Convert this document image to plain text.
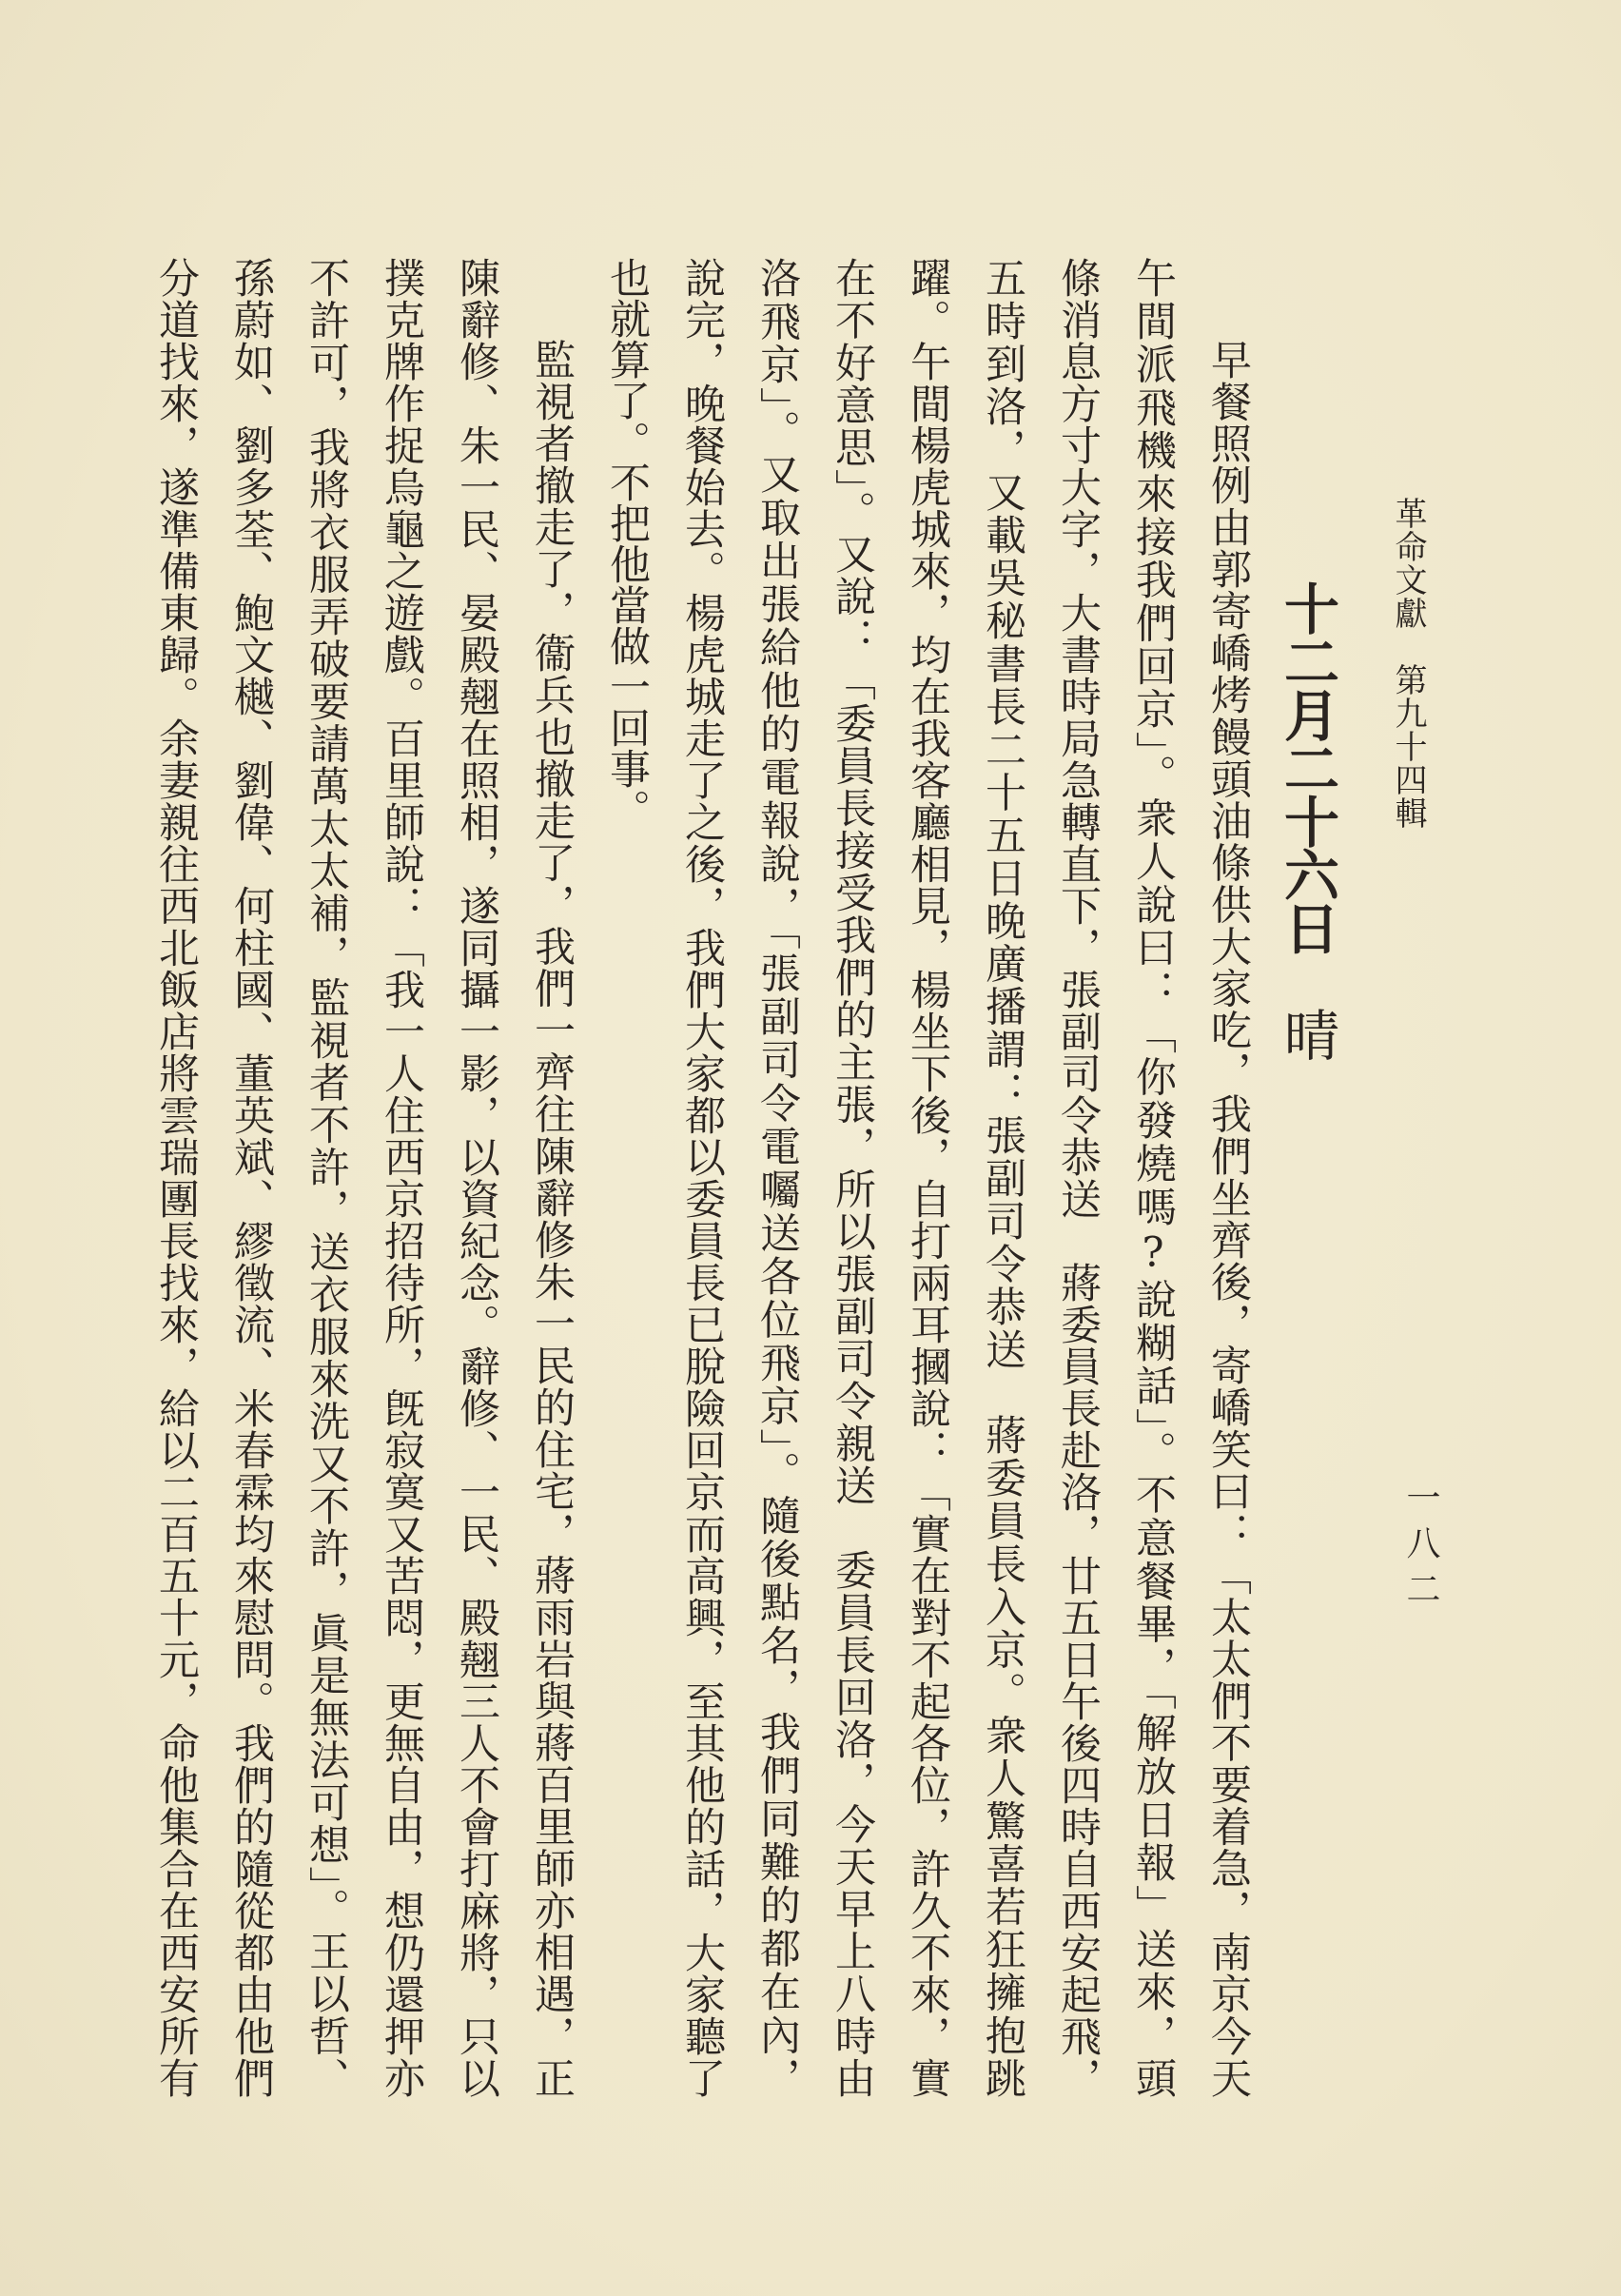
革命文獻　第九十四輯
一八二
十二月二十六日
晴
早餐照例由郭寄嶠烤饅頭油條供大家吃，我們坐齊後，寄嶠笑曰：「太太們不要着急，南京今天
午間派飛機來接我們回京」。衆人說曰：「你發燒嗎?說糊話」。不意餐畢，「解放日報」送來，頭
條消息方寸大字，大書時局急轉直下，張副司令恭送　蔣委員長赴洛，廿五日午後四時自西安起飛，
五時到洛，又載吳秘書長二十五日晚廣播謂：張副司令恭送　蔣委員長入京。衆人驚喜若狂擁抱跳
躍。午間楊虎城來，均在我客廳相見，楊坐下後，自打兩耳摑說：「實在對不起各位，許久不來，實
在不好意思」。又說：「委員長接受我們的主張，所以張副司令親送　委員長回洛，今天早上八時由
洛飛京」。又取出張給他的電報說，「張副司令電囑送各位飛京」。隨後點名，我們同難的都在內，
說完，晚餐始去。楊虎城走了之後，我們大家都以委員長已脫險回京而高興，至其他的話，大家聽了
也就算了。不把他當做一回事。
監視者撤走了，衞兵也撤走了，我們一齊往陳辭修朱一民的住宅，蔣雨岩與蔣百里師亦相遇，正
陳辭修、朱一民、晏殿翹在照相，遂同攝一影，以資紀念。辭修、一民、殿翹三人不會打麻將，只以
撲克牌作捉烏龜之遊戲。百里師說：「我一人住西京招待所，旣寂寞又苦悶，更無自由，想仍還押亦
不許可，我將衣服弄破要請萬太太補，監視者不許，送衣服來洗又不許，眞是無法可想」。王以哲、
孫蔚如、劉多荃、鮑文樾、劉偉、何柱國、董英斌、繆徵流、米春霖均來慰問。我們的隨從都由他們
分道找來，遂準備東歸。余妻親往西北飯店將雲瑞團長找來，給以二百五十元，命他集合在西安所有
